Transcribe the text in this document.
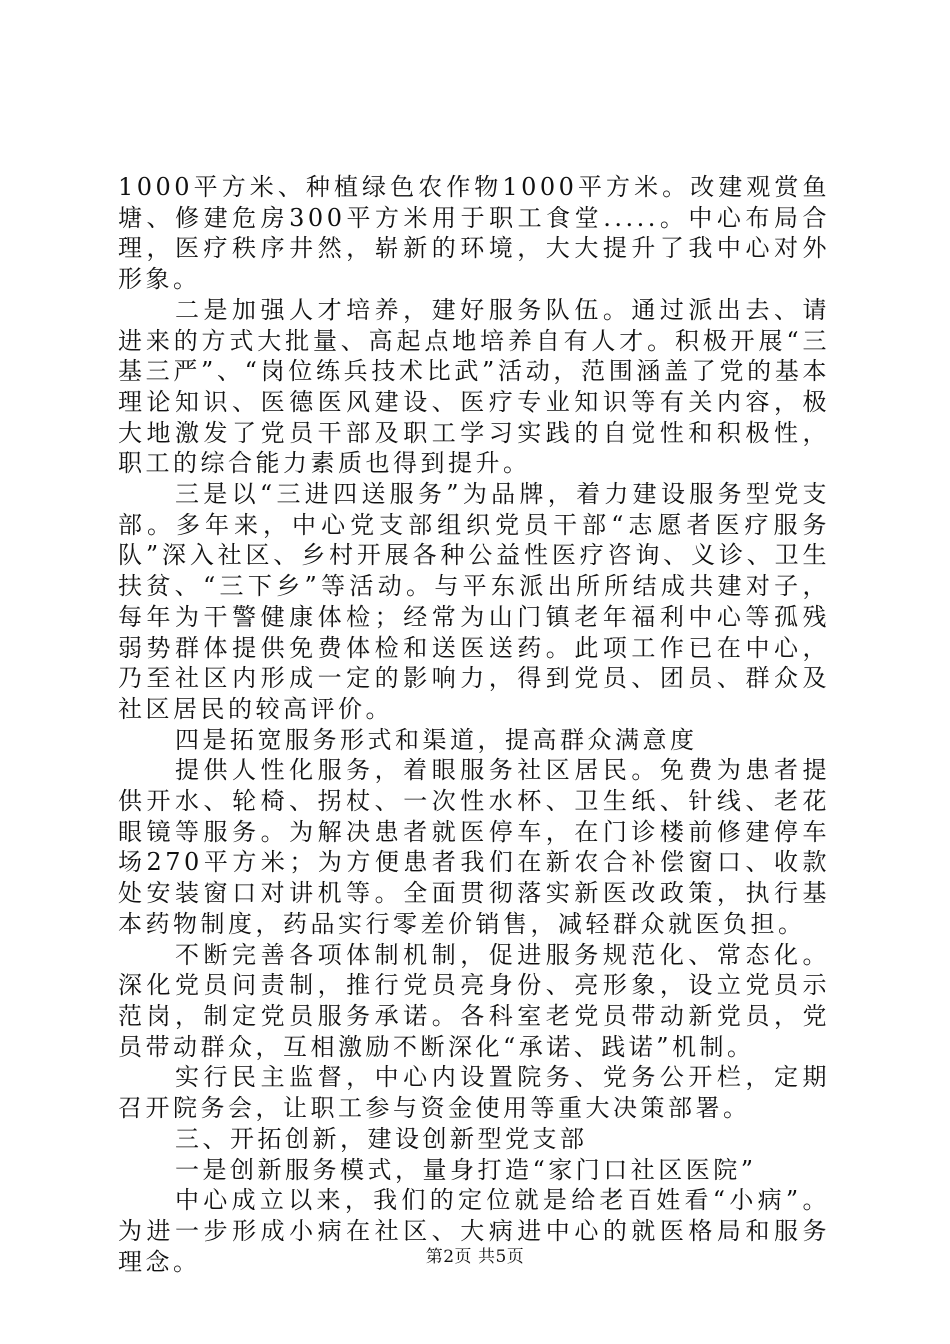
1000平方米、种植绿色农作物1000平方米。改建观赏鱼塘、修建危房300平方米用于职工食堂.....。中心布局合理，医疗秩序井然，崭新的环境，大大提升了我中心对外形象。

二是加强人才培养，建好服务队伍。通过派出去、请进来的方式大批量、高起点地培养自有人才。积极开展“三基三严”、“岗位练兵技术比武”活动，范围涵盖了党的基本理论知识、医德医风建设、医疗专业知识等有关内容，极大地激发了党员干部及职工学习实践的自觉性和积极性，职工的综合能力素质也得到提升。

三是以“三进四送服务”为品牌，着力建设服务型党支部。多年来，中心党支部组织党员干部“志愿者医疗服务队”深入社区、乡村开展各种公益性医疗咨询、义诊、卫生扶贫、“三下乡”等活动。与平东派出所所结成共建对子，每年为干警健康体检；经常为山门镇老年福利中心等孤残弱势群体提供免费体检和送医送药。此项工作已在中心，乃至社区内形成一定的影响力，得到党员、团员、群众及社区居民的较高评价。

四是拓宽服务形式和渠道，提高群众满意度

提供人性化服务，着眼服务社区居民。免费为患者提供开水、轮椅、拐杖、一次性水杯、卫生纸、针线、老花眼镜等服务。为解决患者就医停车，在门诊楼前修建停车场270平方米；为方便患者我们在新农合补偿窗口、收款处安装窗口对讲机等。全面贯彻落实新医改政策，执行基本药物制度，药品实行零差价销售，减轻群众就医负担。

不断完善各项体制机制，促进服务规范化、常态化。深化党员问责制，推行党员亮身份、亮形象，设立党员示范岗，制定党员服务承诺。各科室老党员带动新党员，党员带动群众，互相激励不断深化“承诺、践诺”机制。

实行民主监督，中心内设置院务、党务公开栏，定期召开院务会，让职工参与资金使用等重大决策部署。

三、开拓创新，建设创新型党支部

一是创新服务模式，量身打造“家门口社区医院”

中心成立以来，我们的定位就是给老百姓看“小病”。为进一步形成小病在社区、大病进中心的就医格局和服务理念。	第2页 共5页
